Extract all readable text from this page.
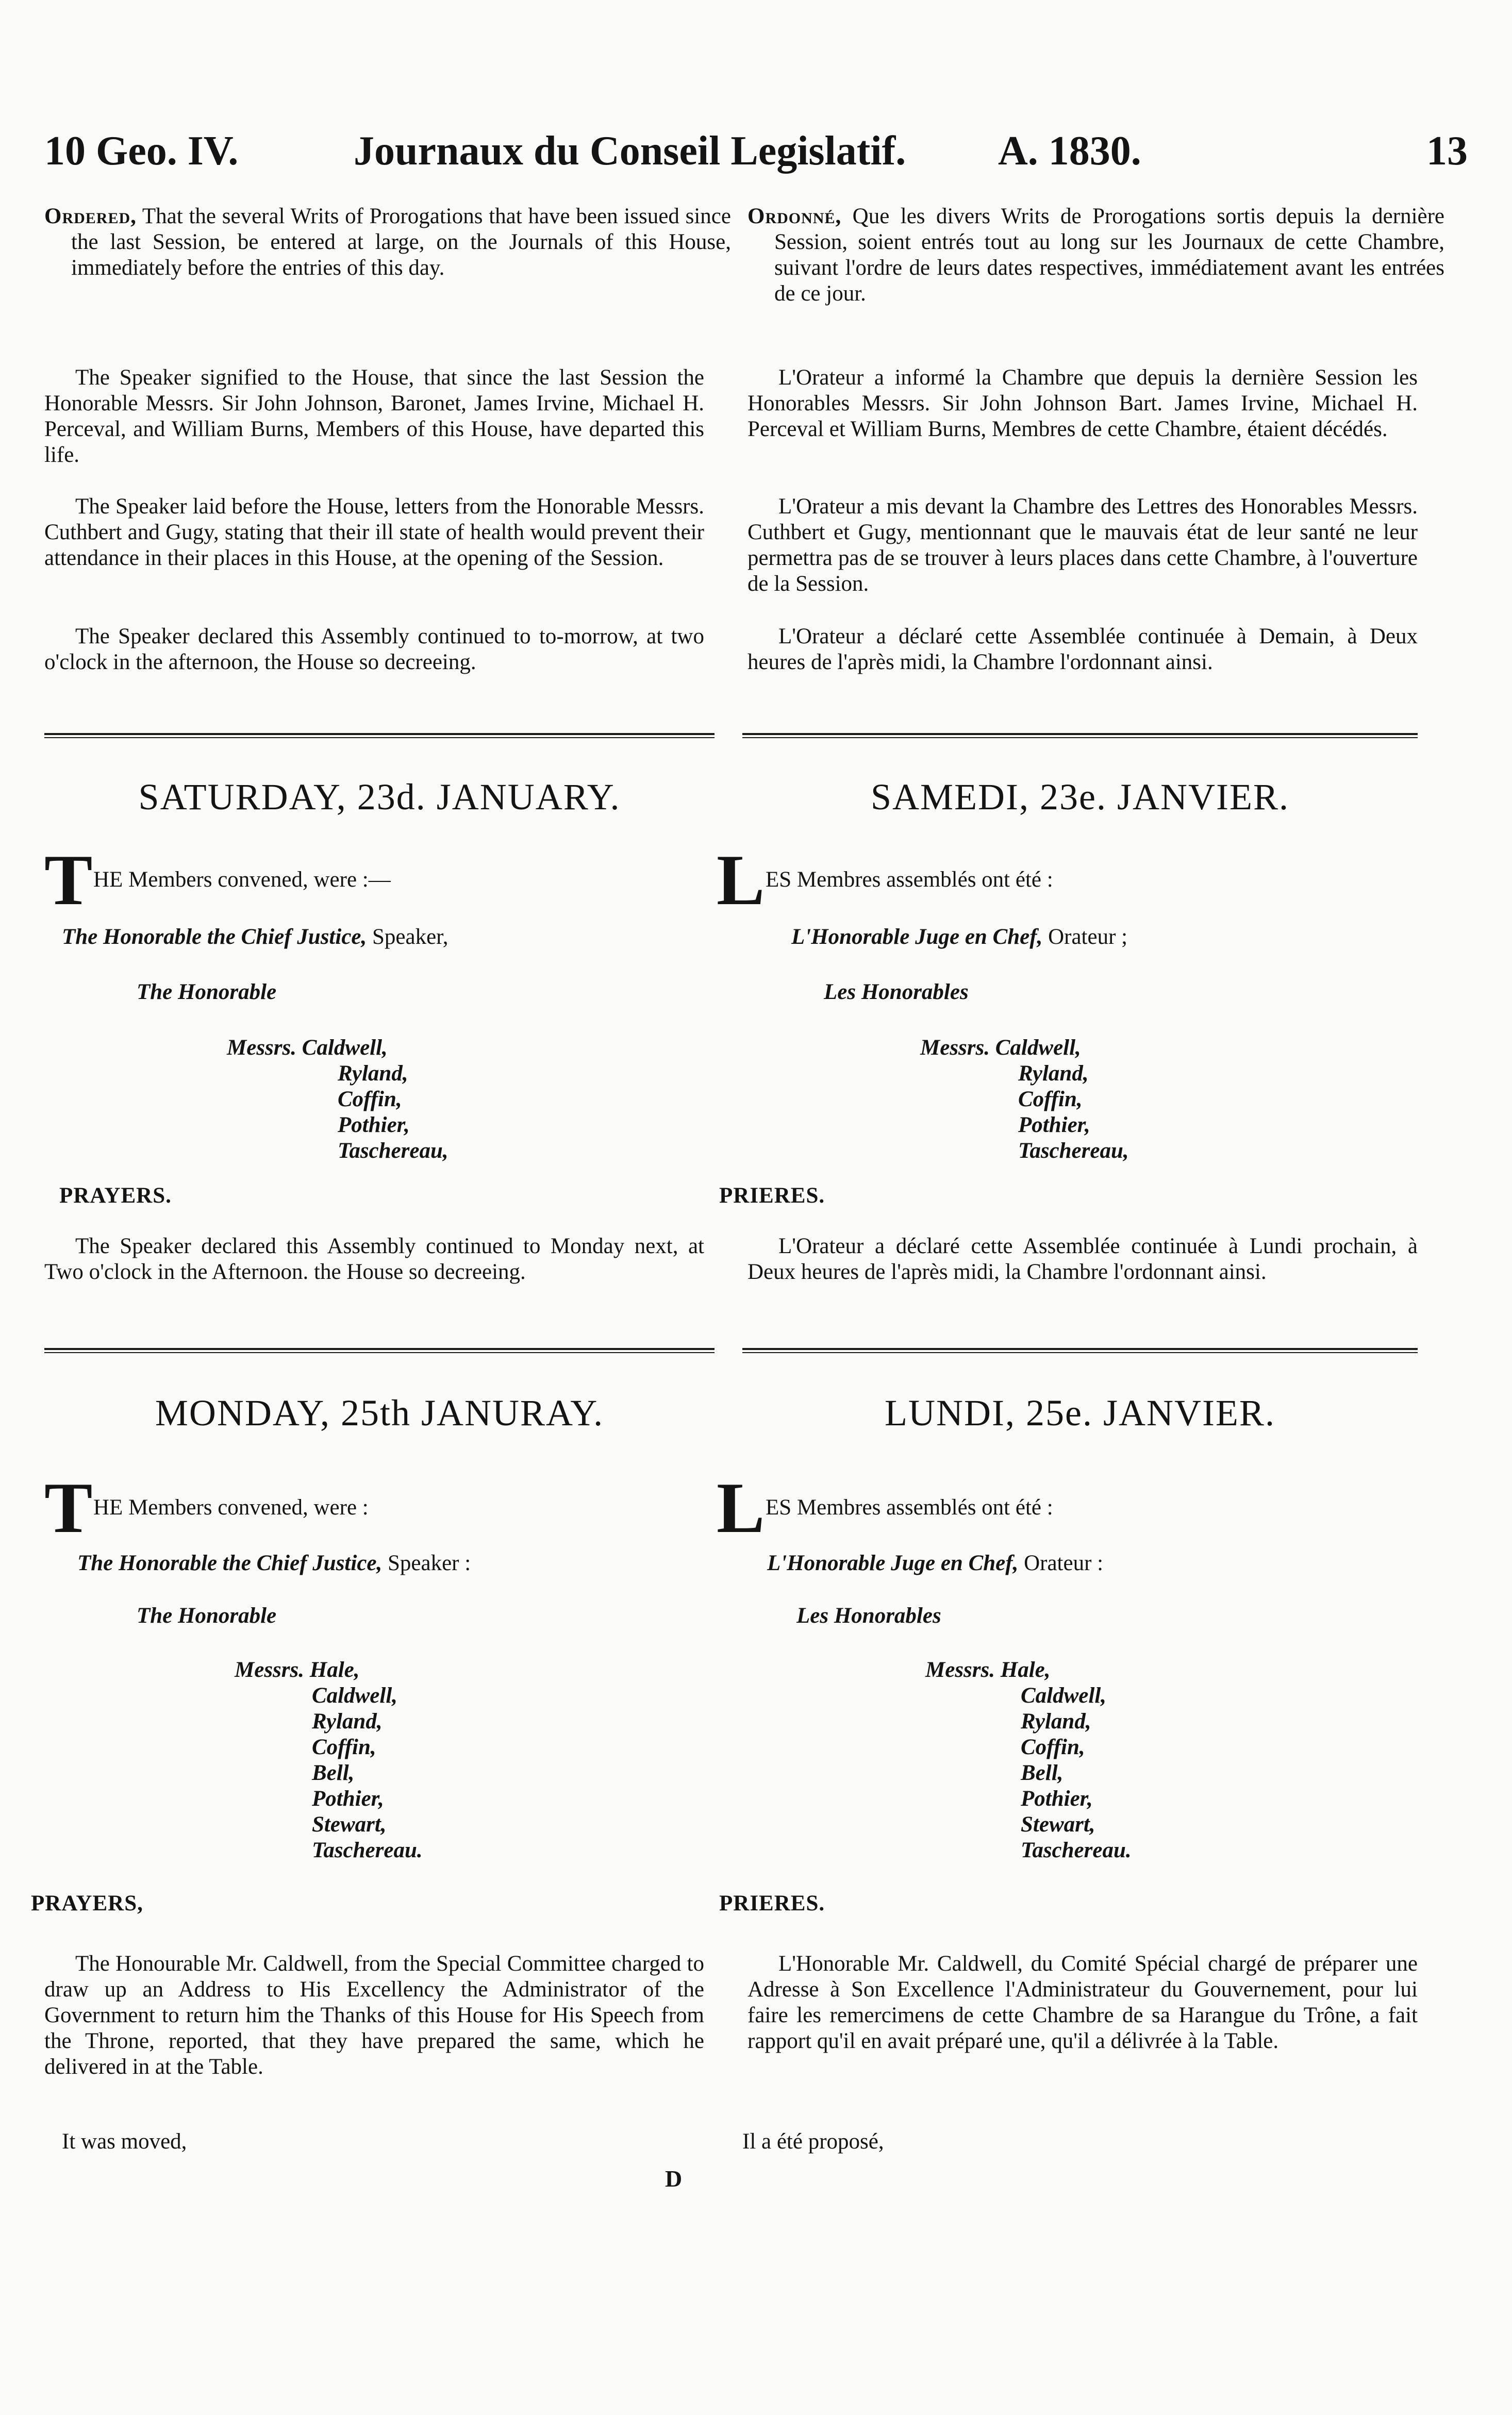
10 Geo. IV.	Journaux du Conseil Legislatif. A. 1830.	13

Ordered, That the several Writs of Prorogations that have been issued since the last Session, be entered at large, on the Journals of this House, immediately before the entries of this day.

The Speaker signified to the House, that since the last Session the Honorable Messrs. Sir John Johnson, Baronet, James Irvine, Michael H. Perceval, and William Burns, Members of this House, have departed this life.

The Speaker laid before the House, letters from the Honorable Messrs. Cuthbert and Gugy, stating that their ill state of health would prevent their attendance in their places in this House, at the opening of the Session.

The Speaker declared this Assembly continued to to-morrow, at two o'clock in the afternoon, the House so decreeing.

Ordonné, Que les divers Writs de Prorogations sortis depuis la dernière Session, soient entrés tout au long sur les Journaux de cette Chambre, suivant l'ordre de leurs dates respectives, immédiatement avant les entrées de ce jour.

L'Orateur a informé la Chambre que depuis la dernière Session les Honorables Messrs. Sir John Johnson Bart. James Irvine, Michael H. Perceval et William Burns, Membres de cette Chambre, étaient décédés.

L'Orateur a mis devant la Chambre des Lettres des Honorables Messrs. Cuthbert et Gugy, mentionnant que le mauvais état de leur santé ne leur permettra pas de se trouver à leurs places dans cette Chambre, à l'ouverture de la Session.

L'Orateur a déclaré cette Assemblée continuée à Demain, à Deux heures de l'après midi, la Chambre l'ordonnant ainsi.

SATURDAY, 23d. JANUARY.
T HE Members convened, were :—
The Honorable the Chief Justice, Speaker,
The Honorable
Messrs. Caldwell,
Ryland,
Coffin,
Pothier,
Taschereau,
PRAYERS.

The Speaker declared this Assembly continued to Monday next, at Two o'clock in the Afternoon. the House so decreeing.

SAMEDI, 23e. JANVIER.
L ES Membres assemblés ont été :
L'Honorable Juge en Chef, Orateur ;
Les Honorables
Messrs. Caldwell,
Ryland,
Coffin,
Pothier,
Taschereau,
PRIERES.

L'Orateur a déclaré cette Assemblée continuée à Lundi prochain, à Deux heures de l'après midi, la Chambre l'ordonnant ainsi.

MONDAY, 25th JANURAY.
T HE Members convened, were :
The Honorable the Chief Justice, Speaker :
The Honorable
Messrs. Hale,
Caldwell,
Ryland,
Coffin,
Bell,
Pothier,
Stewart,
Taschereau.
PRAYERS,

The Honourable Mr. Caldwell, from the Special Committee charged to draw up an Address to His Excellency the Administrator of the Government to return him the Thanks of this House for His Speech from the Throne, reported, that they have prepared the same, which he delivered in at the Table.

It was moved,
D
LUNDI, 25e. JANVIER.
L ES Membres assemblés ont été :
L'Honorable Juge en Chef, Orateur :
Les Honorables
Messrs. Hale,
Caldwell,
Ryland,
Coffin,
Bell,
Pothier,
Stewart,
Taschereau.
PRIERES.

L'Honorable Mr. Caldwell, du Comité Spécial chargé de préparer une Adresse à Son Excellence l'Administrateur du Gouvernement, pour lui faire les remercimens de cette Chambre de sa Harangue du Trône, a fait rapport qu'il en avait préparé une, qu'il a délivrée à la Table.

Il a été proposé,
